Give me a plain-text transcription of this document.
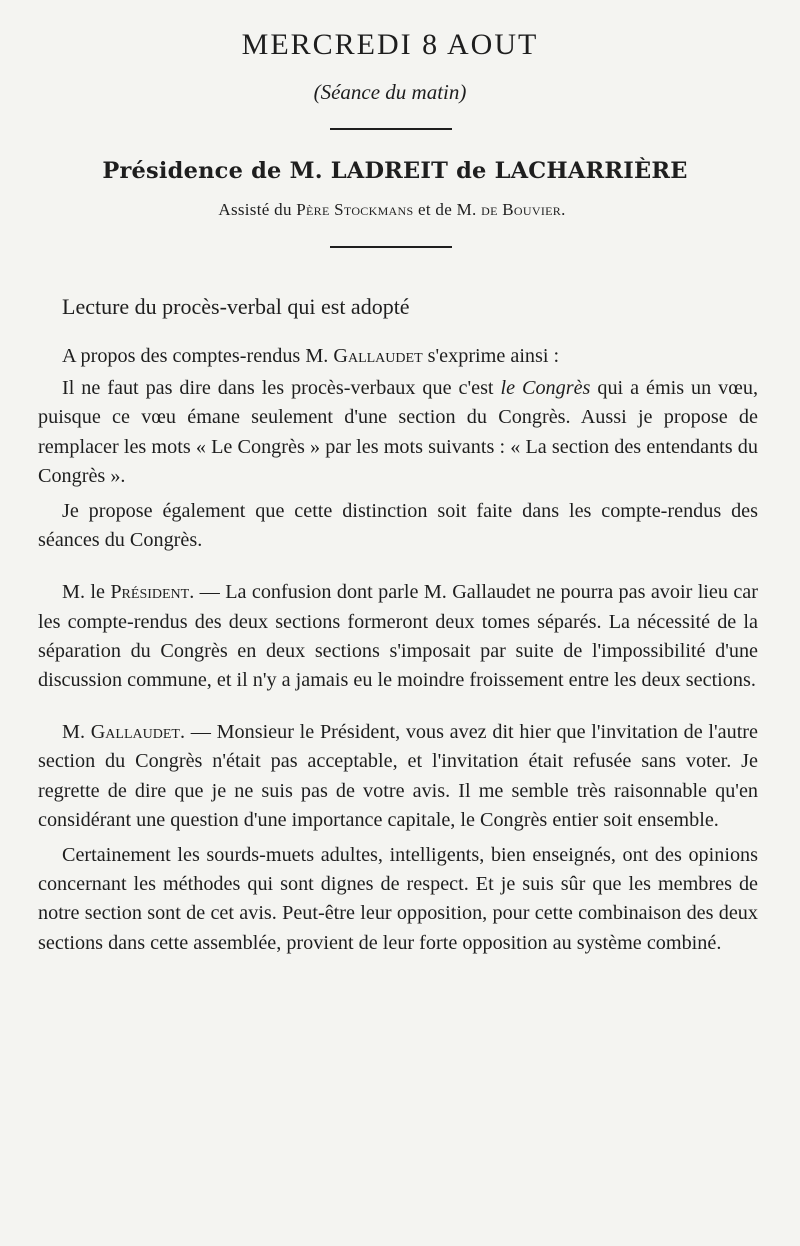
MERCREDI 8 AOUT
(Séance du matin)
Présidence de M. LADREIT de LACHARRIÈRE
Assisté du Père Stockmans et de M. de Bouvier.
Lecture du procès-verbal qui est adopté

A propos des comptes-rendus M. Gallaudet s'exprime ainsi :

Il ne faut pas dire dans les procès-verbaux que c'est le Congrès qui a émis un vœu, puisque ce vœu émane seulement d'une section du Congrès. Aussi je propose de remplacer les mots « Le Congrès » par les mots suivants : « La section des entendants du Congrès ».

Je propose également que cette distinction soit faite dans les compte-rendus des séances du Congrès.

M. le Président. — La confusion dont parle M. Gallaudet ne pourra pas avoir lieu car les compte-rendus des deux sections formeront deux tomes séparés. La nécessité de la séparation du Congrès en deux sections s'imposait par suite de l'impossibilité d'une discussion commune, et il n'y a jamais eu le moindre froissement entre les deux sections.

M. Gallaudet. — Monsieur le Président, vous avez dit hier que l'invitation de l'autre section du Congrès n'était pas acceptable, et l'invitation était refusée sans voter. Je regrette de dire que je ne suis pas de votre avis. Il me semble très raisonnable qu'en considérant une question d'une importance capitale, le Congrès entier soit ensemble.

Certainement les sourds-muets adultes, intelligents, bien enseignés, ont des opinions concernant les méthodes qui sont dignes de respect. Et je suis sûr que les membres de notre section sont de cet avis. Peut-être leur opposition, pour cette combinaison des deux sections dans cette assemblée, provient de leur forte opposition au système combiné.
